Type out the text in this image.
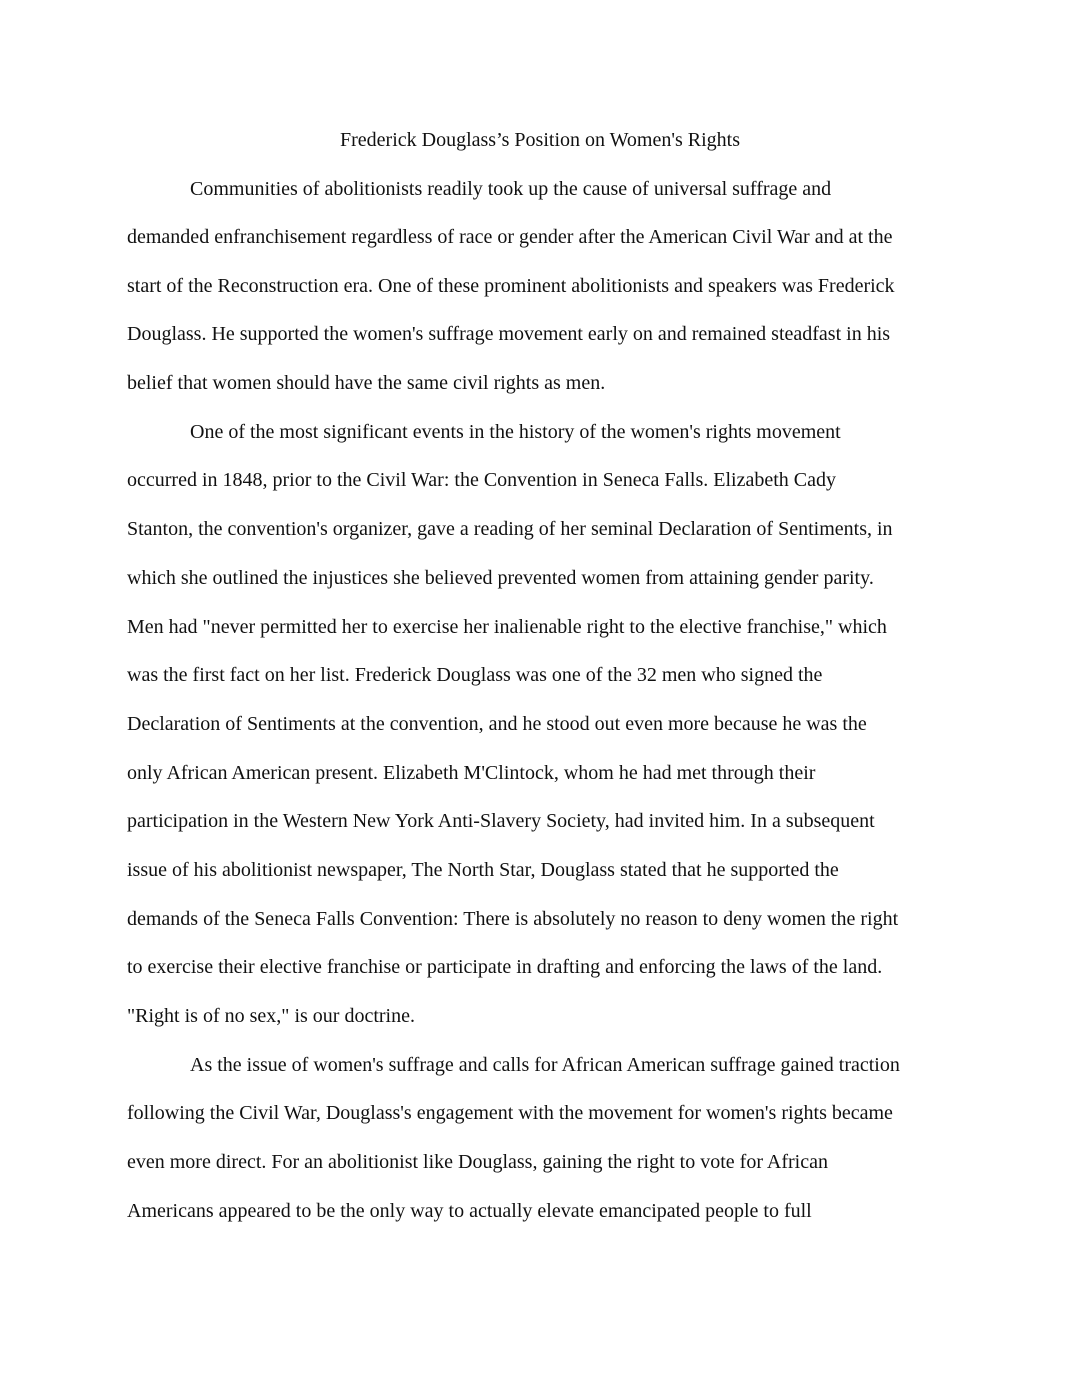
Frederick Douglass’s Position on Women's Rights
Communities of abolitionists readily took up the cause of universal suffrage and
demanded enfranchisement regardless of race or gender after the American Civil War and at the
start of the Reconstruction era. One of these prominent abolitionists and speakers was Frederick
Douglass. He supported the women's suffrage movement early on and remained steadfast in his
belief that women should have the same civil rights as men.
One of the most significant events in the history of the women's rights movement
occurred in 1848, prior to the Civil War: the Convention in Seneca Falls. Elizabeth Cady
Stanton, the convention's organizer, gave a reading of her seminal Declaration of Sentiments, in
which she outlined the injustices she believed prevented women from attaining gender parity.
Men had "never permitted her to exercise her inalienable right to the elective franchise," which
was the first fact on her list. Frederick Douglass was one of the 32 men who signed the
Declaration of Sentiments at the convention, and he stood out even more because he was the
only African American present. Elizabeth M'Clintock, whom he had met through their
participation in the Western New York Anti-Slavery Society, had invited him. In a subsequent
issue of his abolitionist newspaper, The North Star, Douglass stated that he supported the
demands of the Seneca Falls Convention: There is absolutely no reason to deny women the right
to exercise their elective franchise or participate in drafting and enforcing the laws of the land.
"Right is of no sex," is our doctrine.
As the issue of women's suffrage and calls for African American suffrage gained traction
following the Civil War, Douglass's engagement with the movement for women's rights became
even more direct. For an abolitionist like Douglass, gaining the right to vote for African
Americans appeared to be the only way to actually elevate emancipated people to full
